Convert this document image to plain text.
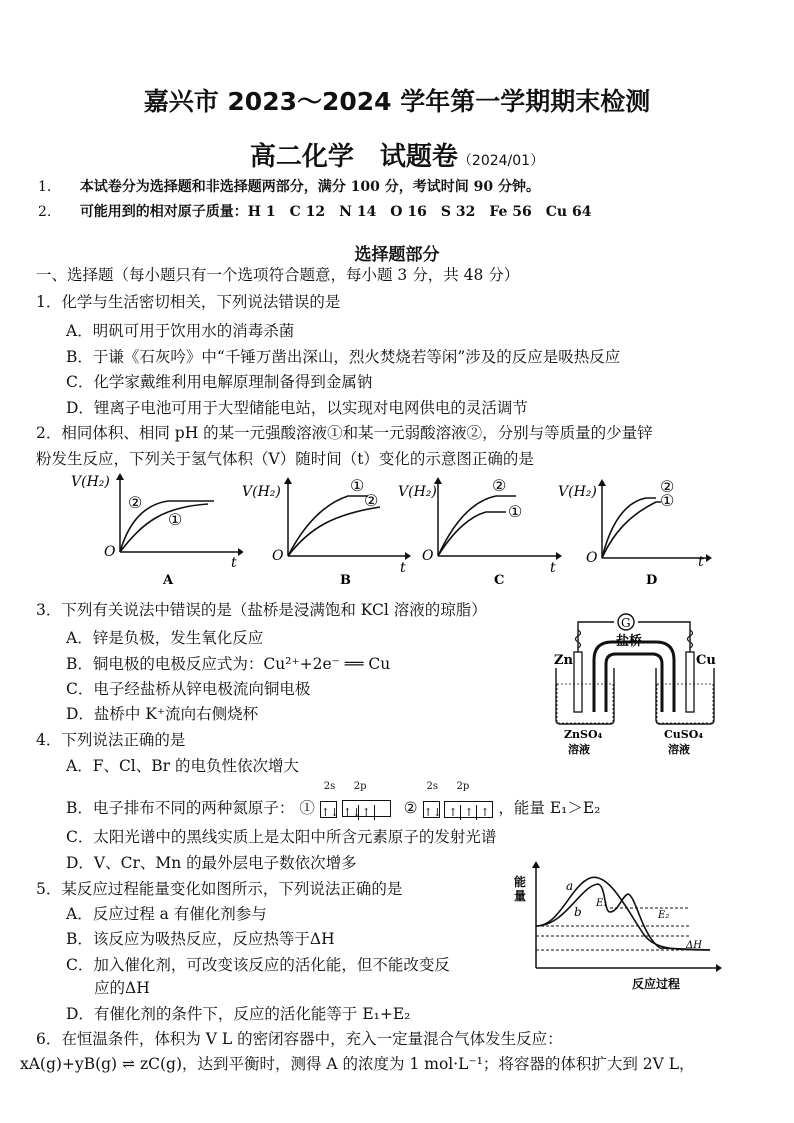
嘉兴市 2023～2024 学年第一学期期末检测
高二化学　试题卷（2024/01）
1. 本试卷分为选择题和非选择题两部分，满分 100 分，考试时间 90 分钟。
2. 可能用到的相对原子质量：H 1　C 12　N 14　O 16　S 32　Fe 56　Cu 64
选择题部分
一、选择题（每小题只有一个选项符合题意，每小题 3 分，共 48 分）
1．化学与生活密切相关，下列说法错误的是
A．明矾可用于饮用水的消毒杀菌
B．于谦《石灰吟》中“千锤万凿出深山，烈火焚烧若等闲”涉及的反应是吸热反应
C．化学家戴维利用电解原理制备得到金属钠
D．锂离子电池可用于大型储能电站，以实现对电网供电的灵活调节
2．相同体积、相同 pH 的某一元强酸溶液①和某一元弱酸溶液②，分别与等质量的少量锌
粉发生反应，下列关于氢气体积（V）随时间（t）变化的示意图正确的是
V(H₂)
t
O
②
①
A
V(H₂)
t
O
①
②
B
V(H₂)
t
O
②
①
C
V(H₂)
t
O
②
①
D
3．下列有关说法中错误的是（盐桥是浸满饱和 KCl 溶液的琼脂）
A．锌是负极，发生氧化反应
B．铜电极的电极反应式为：Cu²⁺+2e⁻ ══ Cu
C．电子经盐桥从锌电极流向铜电极
D．盐桥中 K⁺流向右侧烧杯
G
盐桥
Zn	Cu
ZnSO₄
溶液
CuSO₄
溶液
4．下列说法正确的是
A．F、Cl、Br 的电负性依次增大
B．电子排布不同的两种氮原子： ①
2s
↑↓
2p
↑↓↑ ②
2s
↑↓
2p
↑ ↑ ↑ ，能量 E₁＞E₂
C．太阳光谱中的黑线实质上是太阳中所含元素原子的发射光谱
D．V、Cr、Mn 的最外层电子数依次增多
5．某反应过程能量变化如图所示，下列说法正确的是
A．反应过程 a 有催化剂参与
B．该反应为吸热反应，反应热等于ΔH
C．加入催化剂，可改变该反应的活化能，但不能改变反
应的ΔH
D．有催化剂的条件下，反应的活化能等于 E₁+E₂
能量
反应过程
a
b
E₁
E₂
ΔH
6．在恒温条件，体积为 V L 的密闭容器中，充入一定量混合气体发生反应：
xA(g)+yB(g) ⇌ zC(g)，达到平衡时，测得 A 的浓度为 1 mol·L⁻¹；将容器的体积扩大到 2V L，
